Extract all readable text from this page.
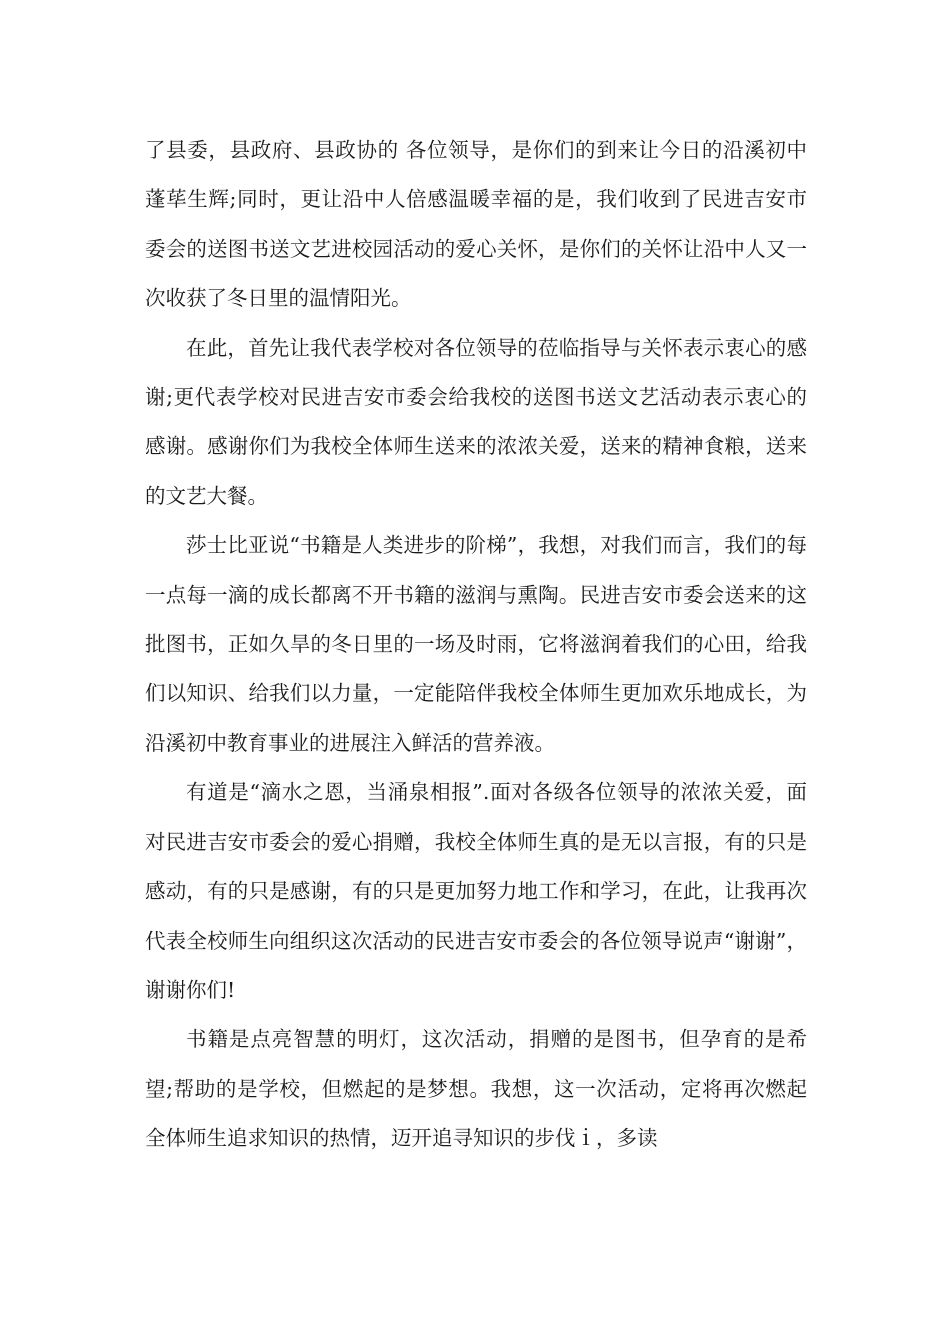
了县委，县政府、县政协的 各位领导，是你们的到来让今日的沿溪初中蓬荜生辉;同时，更让沿中人倍感温暖幸福的是，我们收到了民进吉安市委会的送图书送文艺进校园活动的爱心关怀，是你们的关怀让沿中人又一次收获了冬日里的温情阳光。

在此，首先让我代表学校对各位领导的莅临指导与关怀表示衷心的感谢;更代表学校对民进吉安市委会给我校的送图书送文艺活动表示衷心的感谢。感谢你们为我校全体师生送来的浓浓关爱，送来的精神食粮，送来的文艺大餐。

莎士比亚说“书籍是人类进步的阶梯”，我想，对我们而言，我们的每一点每一滴的成长都离不开书籍的滋润与熏陶。民进吉安市委会送来的这批图书，正如久旱的冬日里的一场及时雨，它将滋润着我们的心田，给我们以知识、给我们以力量，一定能陪伴我校全体师生更加欢乐地成长，为沿溪初中教育事业的进展注入鲜活的营养液。

有道是“滴水之恩，当涌泉相报”.面对各级各位领导的浓浓关爱，面对民进吉安市委会的爱心捐赠，我校全体师生真的是无以言报，有的只是感动，有的只是感谢，有的只是更加努力地工作和学习，在此，让我再次代表全校师生向组织这次活动的民进吉安市委会的各位领导说声“谢谢”，谢谢你们!

书籍是点亮智慧的明灯，这次活动，捐赠的是图书，但孕育的是希望;帮助的是学校，但燃起的是梦想。我想，这一次活动，定将再次燃起全体师生追求知识的热情，迈开追寻知识的步伐ｉ，多读
